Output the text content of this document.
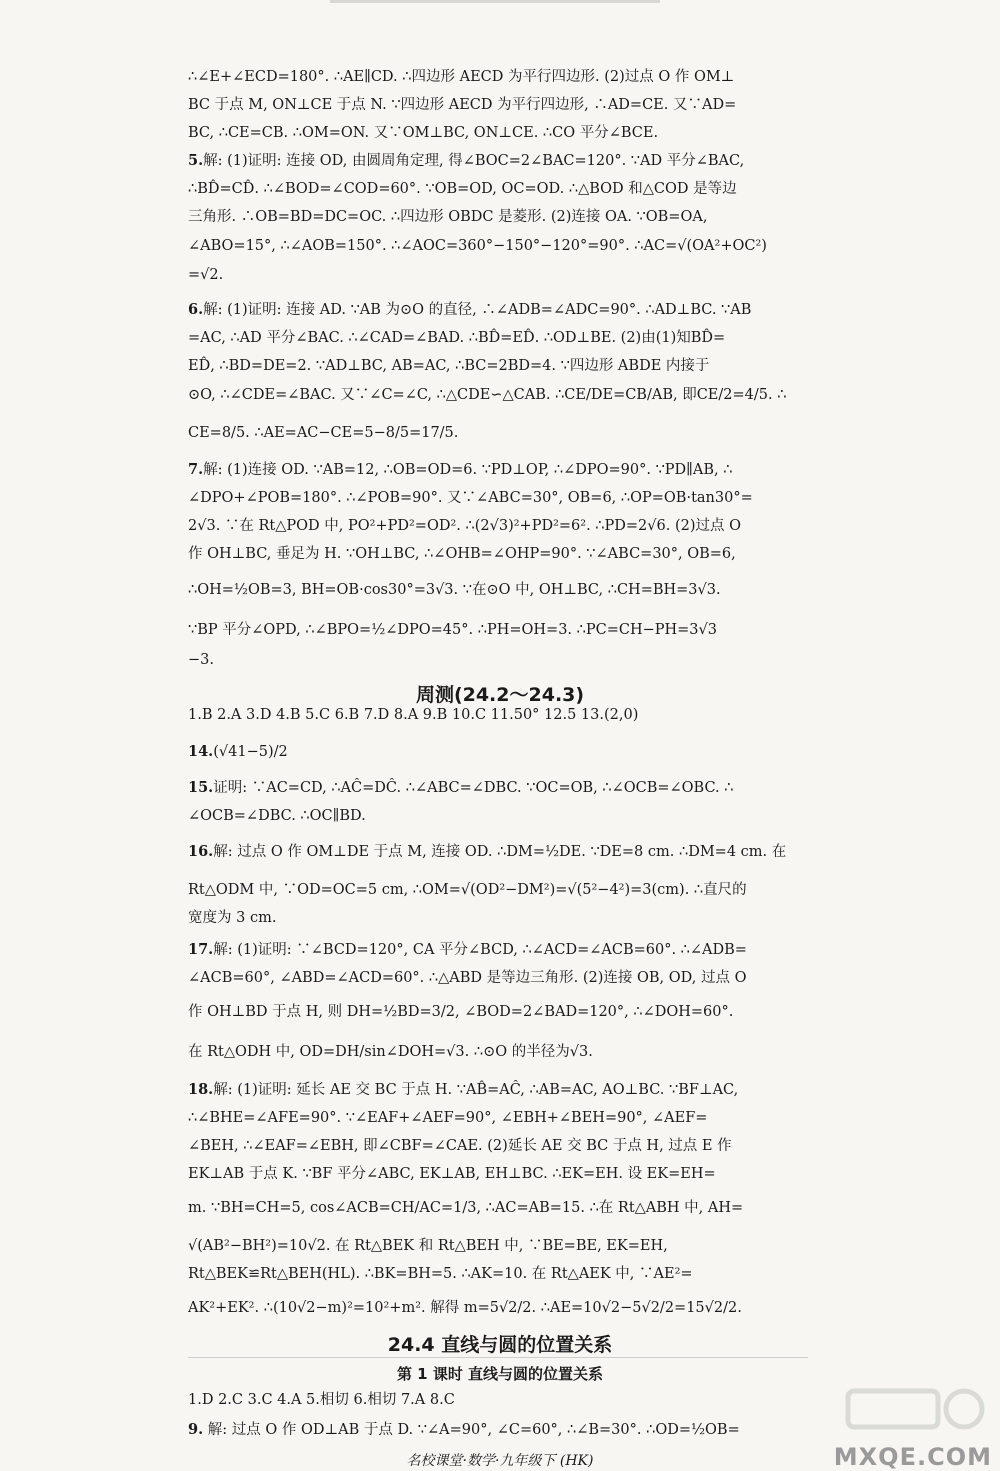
∴∠E+∠ECD=180°. ∴AE∥CD. ∴四边形 AECD 为平行四边形. (2)过点 O 作 OM⊥
BC 于点 M, ON⊥CE 于点 N. ∵四边形 AECD 为平行四边形, ∴AD=CE. 又∵AD=
BC, ∴CE=CB. ∴OM=ON. 又∵OM⊥BC, ON⊥CE. ∴CO 平分∠BCE.
5.解: (1)证明: 连接 OD, 由圆周角定理, 得∠BOC=2∠BAC=120°. ∵AD 平分∠BAC,
∴BD̂=CD̂. ∴∠BOD=∠COD=60°. ∵OB=OD, OC=OD. ∴△BOD 和△COD 是等边
三角形. ∴OB=BD=DC=OC. ∴四边形 OBDC 是菱形. (2)连接 OA. ∵OB=OA,
∠ABO=15°, ∴∠AOB=150°. ∴∠AOC=360°−150°−120°=90°. ∴AC=√(OA²+OC²)
=√2.
6.解: (1)证明: 连接 AD. ∵AB 为⊙O 的直径, ∴∠ADB=∠ADC=90°. ∴AD⊥BC. ∵AB
=AC, ∴AD 平分∠BAC. ∴∠CAD=∠BAD. ∴BD̂=ED̂. ∴OD⊥BE. (2)由(1)知BD̂=
ED̂, ∴BD=DE=2. ∵AD⊥BC, AB=AC, ∴BC=2BD=4. ∵四边形 ABDE 内接于
⊙O, ∴∠CDE=∠BAC. 又∵∠C=∠C, ∴△CDE∽△CAB. ∴CE/DE=CB/AB, 即CE/2=4/5. ∴
CE=8/5. ∴AE=AC−CE=5−8/5=17/5.
7.解: (1)连接 OD. ∵AB=12, ∴OB=OD=6. ∵PD⊥OP, ∴∠DPO=90°. ∵PD∥AB, ∴
∠DPO+∠POB=180°. ∴∠POB=90°. 又∵∠ABC=30°, OB=6, ∴OP=OB·tan30°=
2√3. ∵在 Rt△POD 中, PO²+PD²=OD². ∴(2√3)²+PD²=6². ∴PD=2√6. (2)过点 O
作 OH⊥BC, 垂足为 H. ∵OH⊥BC, ∴∠OHB=∠OHP=90°. ∵∠ABC=30°, OB=6,
∴OH=½OB=3, BH=OB·cos30°=3√3. ∵在⊙O 中, OH⊥BC, ∴CH=BH=3√3.
∵BP 平分∠OPD, ∴∠BPO=½∠DPO=45°. ∴PH=OH=3. ∴PC=CH−PH=3√3
−3.
1.B 2.A 3.D 4.B 5.C 6.B 7.D 8.A 9.B 10.C 11.50° 12.5 13.(2,0)
14.(√41−5)/2
15.证明: ∵AC=CD, ∴AĈ=DĈ. ∴∠ABC=∠DBC. ∵OC=OB, ∴∠OCB=∠OBC. ∴
∠OCB=∠DBC. ∴OC∥BD.
16.解: 过点 O 作 OM⊥DE 于点 M, 连接 OD. ∴DM=½DE. ∵DE=8 cm. ∴DM=4 cm. 在
Rt△ODM 中, ∵OD=OC=5 cm, ∴OM=√(OD²−DM²)=√(5²−4²)=3(cm). ∴直尺的
宽度为 3 cm.
17.解: (1)证明: ∵∠BCD=120°, CA 平分∠BCD, ∴∠ACD=∠ACB=60°. ∴∠ADB=
∠ACB=60°, ∠ABD=∠ACD=60°. ∴△ABD 是等边三角形. (2)连接 OB, OD, 过点 O
作 OH⊥BD 于点 H, 则 DH=½BD=3/2, ∠BOD=2∠BAD=120°, ∴∠DOH=60°.
在 Rt△ODH 中, OD=DH/sin∠DOH=√3. ∴⊙O 的半径为√3.
18.解: (1)证明: 延长 AE 交 BC 于点 H. ∵AB̂=AĈ, ∴AB=AC, AO⊥BC. ∵BF⊥AC,
∴∠BHE=∠AFE=90°. ∵∠EAF+∠AEF=90°, ∠EBH+∠BEH=90°, ∠AEF=
∠BEH, ∴∠EAF=∠EBH, 即∠CBF=∠CAE. (2)延长 AE 交 BC 于点 H, 过点 E 作
EK⊥AB 于点 K. ∵BF 平分∠ABC, EK⊥AB, EH⊥BC. ∴EK=EH. 设 EK=EH=
m. ∵BH=CH=5, cos∠ACB=CH/AC=1/3, ∴AC=AB=15. ∴在 Rt△ABH 中, AH=
√(AB²−BH²)=10√2. 在 Rt△BEK 和 Rt△BEH 中, ∵BE=BE, EK=EH,
Rt△BEK≌Rt△BEH(HL). ∴BK=BH=5. ∴AK=10. 在 Rt△AEK 中, ∵AE²=
AK²+EK². ∴(10√2−m)²=10²+m². 解得 m=5√2/2. ∴AE=10√2−5√2/2=15√2/2.
周测(24.2～24.3)
24.4 直线与圆的位置关系
第 1 课时 直线与圆的位置关系
1.D 2.C 3.C 4.A 5.相切 6.相切 7.A 8.C
9. 解: 过点 O 作 OD⊥AB 于点 D. ∵∠A=90°, ∠C=60°, ∴∠B=30°. ∴OD=½OB=
名校课堂·数学·九年级下 (HK)	MXQE.COM
